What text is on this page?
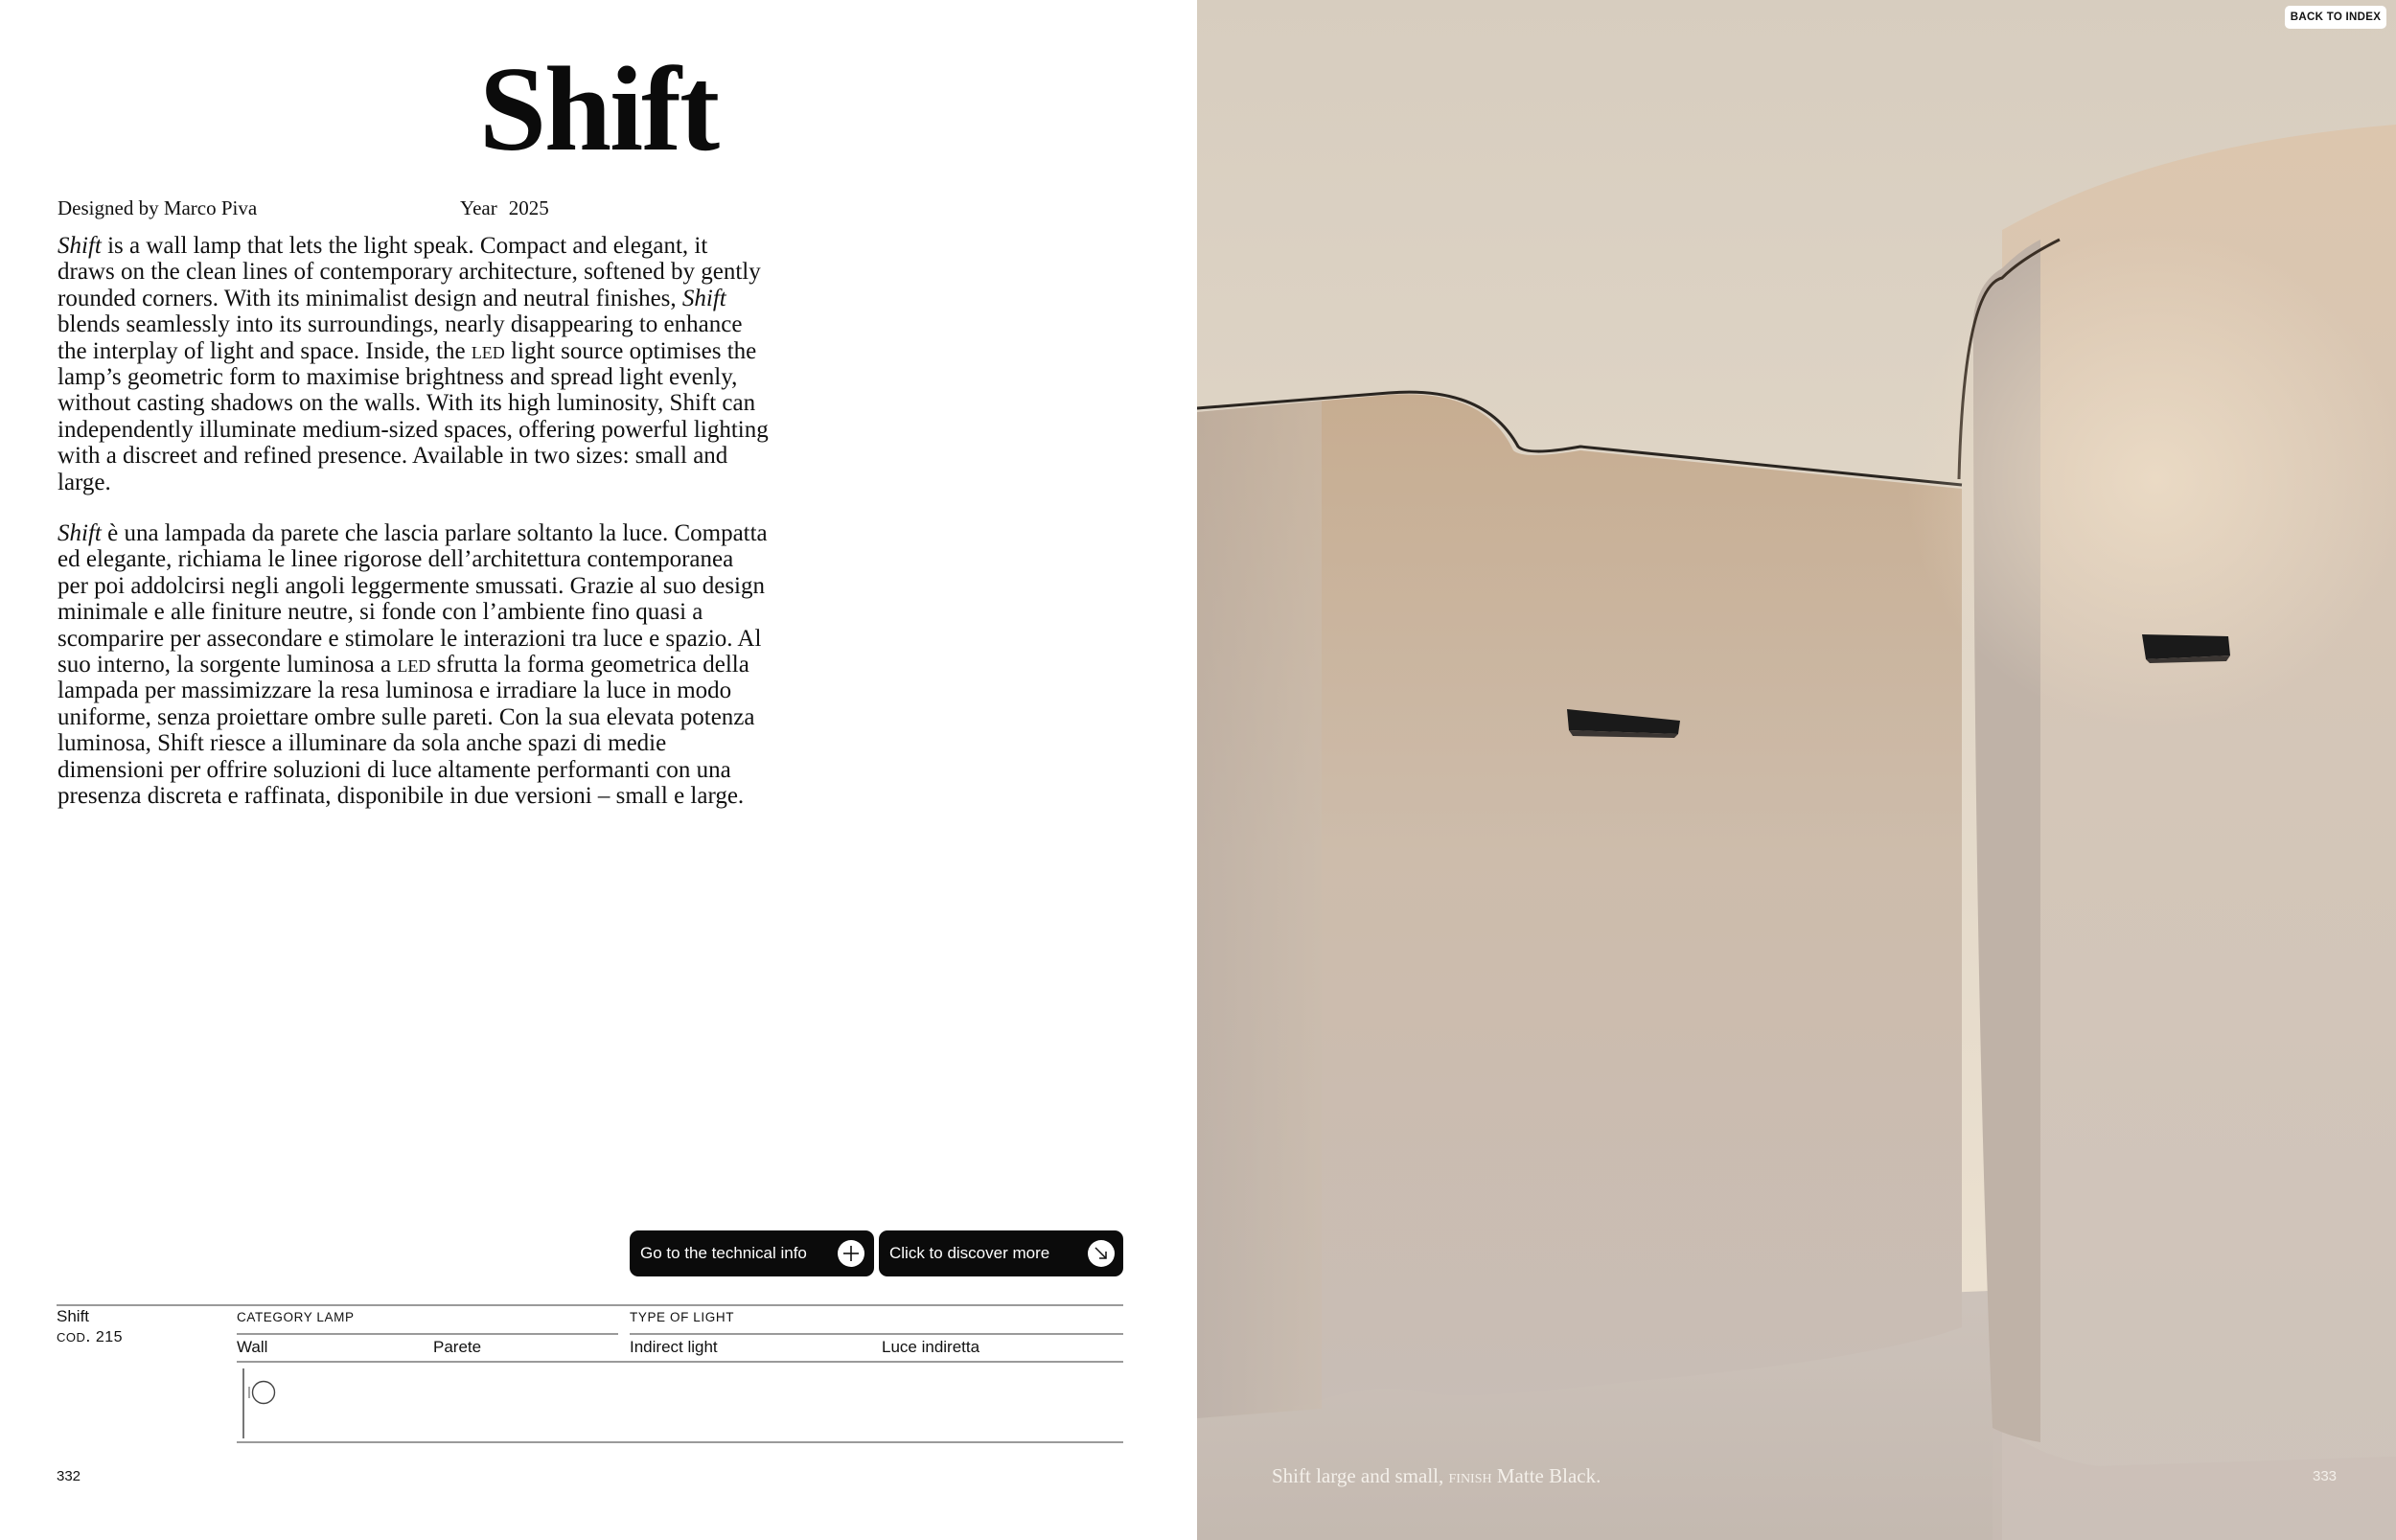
Shift
Designed by Marco Piva	Year 2025

Shift is a wall lamp that lets the light speak. Compact and elegant, it draws on the clean lines of contemporary architecture, softened by gently rounded corners. With its minimalist design and neutral finishes, Shift blends seamlessly into its surroundings, nearly disappearing to enhance the interplay of light and space. Inside, the led light source optimises the lamp’s geometric form to maximise brightness and spread light evenly, without casting shadows on the walls. With its high luminosity, Shift can independently illuminate medium-sized spaces, offering powerful lighting with a discreet and refined presence. Available in two sizes: small and large.

Shift è una lampada da parete che lascia parlare soltanto la luce. Compatta ed elegante, richiama le linee rigorose dell’architettura contemporanea per poi addolcirsi negli angoli leggermente smussati. Grazie al suo design minimale e alle finiture neutre, si fonde con l’ambiente fino quasi a scomparire per assecondare e stimolare le interazioni tra luce e spazio. Al suo interno, la sorgente luminosa a led sfrutta la forma geometrica della lampada per massimizzare la resa luminosa e irradiare la luce in modo uniforme, senza proiettare ombre sulle pareti. Con la sua elevata potenza luminosa, Shift riesce a illuminare da sola anche spazi di medie dimensioni per offrire soluzioni di luce altamente performanti con una presenza discreta e raffinata, disponibile in due versioni – small e large.

Go to the technical info	Click to discover more
Shift
cod. 215
CATEGORY LAMP	TYPE OF LIGHT
Wall	Parete	Indirect light	Luce indiretta
332	Shift large and small, finish Matte Black.
BACK TO INDEX
333
